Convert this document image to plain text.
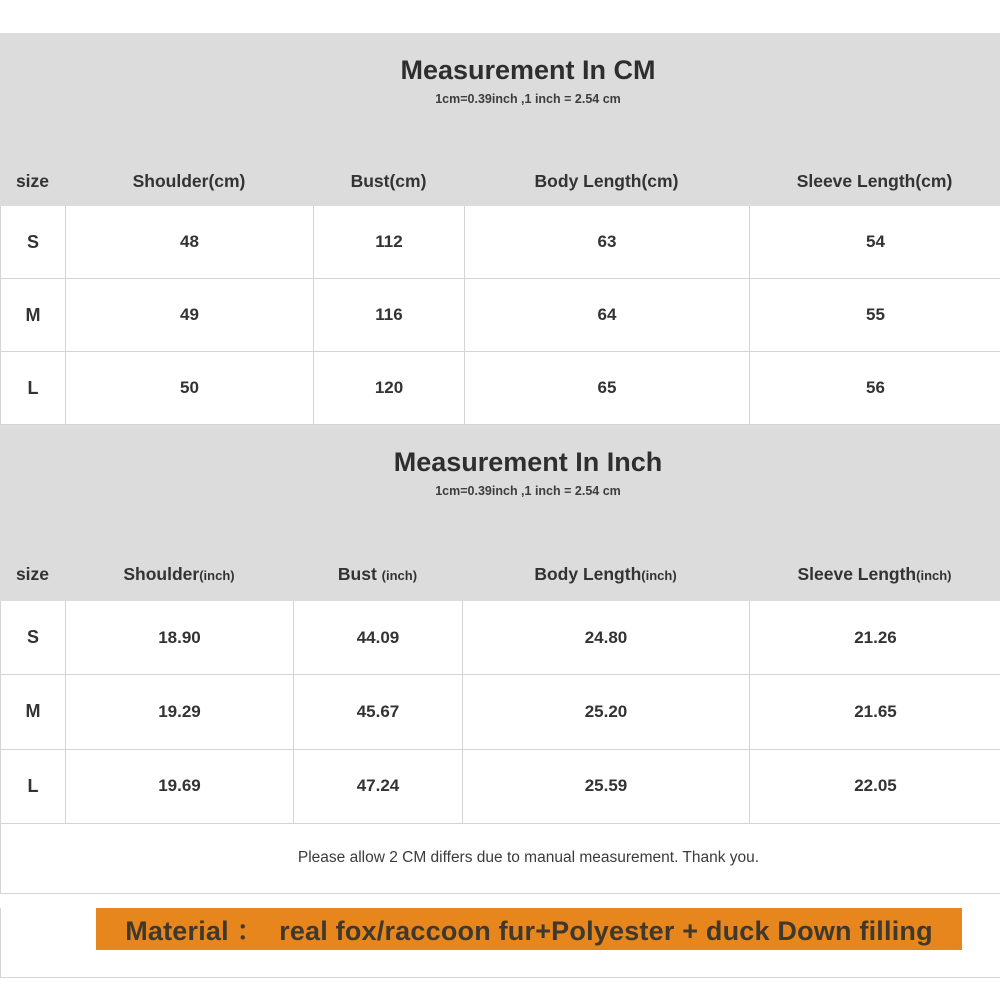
Measurement In CM
1cm=0.39inch ,1 inch = 2.54 cm
size	Shoulder(cm)	Bust(cm)	Body Length(cm)	Sleeve Length(cm)
S	48	112	63	54
M	49	116	64	55
L	50	120	65	56
Measurement In Inch
1cm=0.39inch ,1 inch = 2.54 cm
size	Shoulder(inch)	Bust (inch)	Body Length(inch)	Sleeve Length(inch)
S	18.90	44.09	24.80	21.26
M	19.29	45.67	25.20	21.65
L	19.69	47.24	25.59	22.05
Please allow 2 CM differs due to manual measurement. Thank you.
Material ：  real fox/raccoon fur+Polyester + duck Down filling
